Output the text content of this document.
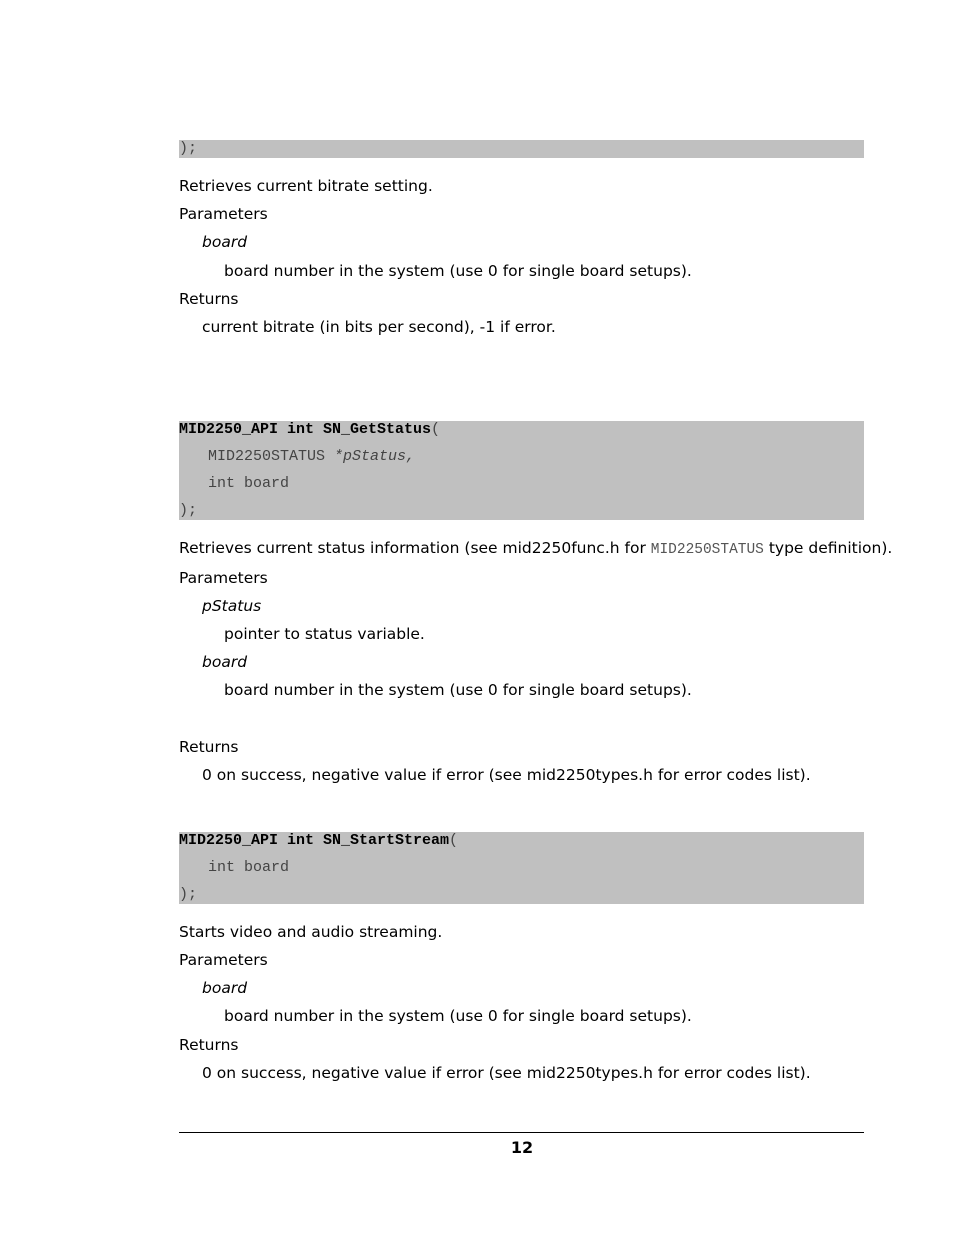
);
Retrieves current bitrate setting.
Parameters
board
board number in the system (use 0 for single board setups).
Returns
current bitrate (in bits per second), -1 if error.
MID2250_API int SN_GetStatus(
MID2250STATUS *pStatus,
int board
);
Retrieves current status information (see mid2250func.h for MID2250STATUS type definition).
Parameters
pStatus
pointer to status variable.
board
board number in the system (use 0 for single board setups).
Returns
0 on success, negative value if error (see mid2250types.h for error codes list).
MID2250_API int SN_StartStream(
int board
);
Starts video and audio streaming.
Parameters
board
board number in the system (use 0 for single board setups).
Returns
0 on success, negative value if error (see mid2250types.h for error codes list).
12
